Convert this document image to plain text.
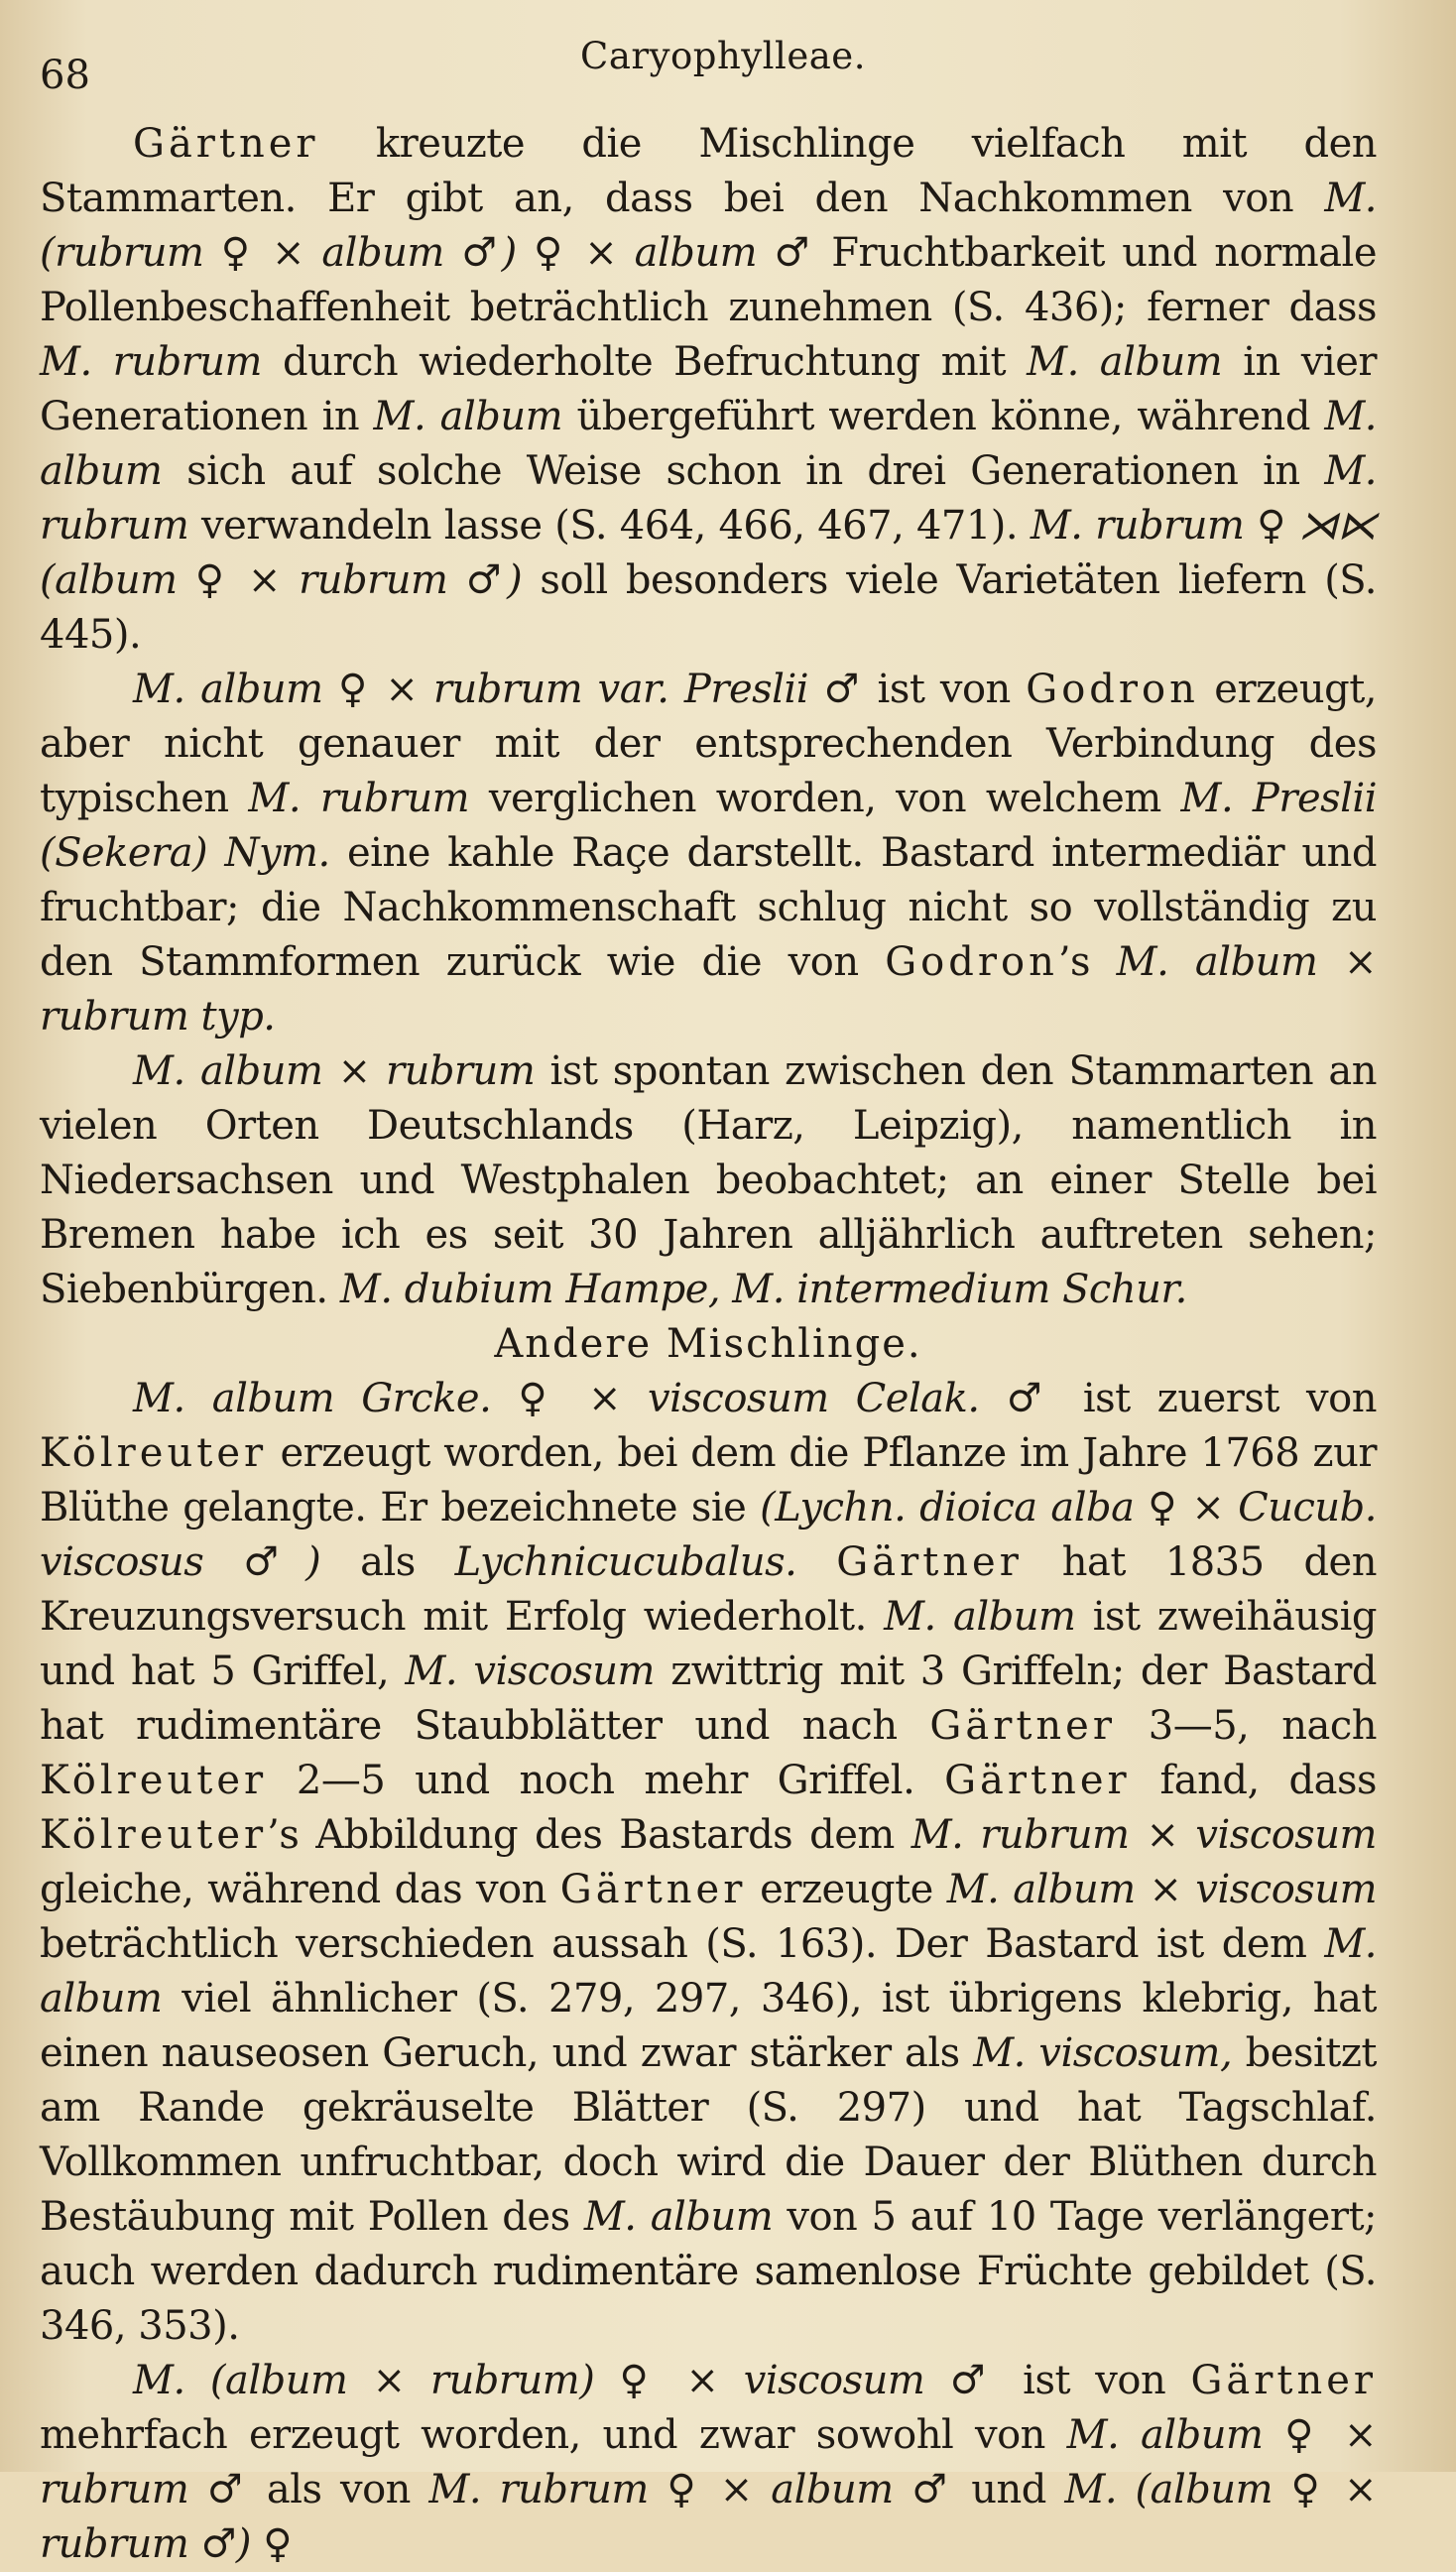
68	Caryophylleae.

Gärtner kreuzte die Mischlinge vielfach mit den Stammarten. Er gibt an, dass bei den Nachkommen von M. (rubrum ♀ × album ♂) ♀ × album ♂ Fruchtbarkeit und normale Pollenbeschaffenheit beträchtlich zunehmen (S. 436); ferner dass M. rubrum durch wiederholte Befruchtung mit M. album in vier Generationen in M. album übergeführt werden könne, während M. album sich auf solche Weise schon in drei Generationen in M. rubrum verwandeln lasse (S. 464, 466, 467, 471). M. rubrum ♀ ⋊⋉ (album ♀ × rubrum ♂) soll besonders viele Varietäten liefern (S. 445).

M. album ♀ × rubrum var. Preslii ♂ ist von Godron erzeugt, aber nicht genauer mit der entsprechenden Verbindung des typischen M. rubrum verglichen worden, von welchem M. Preslii (Sekera) Nym. eine kahle Raçe darstellt. Bastard intermediär und fruchtbar; die Nachkommenschaft schlug nicht so vollständig zu den Stammformen zurück wie die von Godron’s M. album × rubrum typ.

M. album × rubrum ist spontan zwischen den Stammarten an vielen Orten Deutschlands (Harz, Leipzig), namentlich in Niedersachsen und Westphalen beobachtet; an einer Stelle bei Bremen habe ich es seit 30 Jahren alljährlich auftreten sehen; Siebenbürgen. M. dubium Hampe, M. intermedium Schur.

Andere Mischlinge.

M. album Grcke. ♀ × viscosum Celak. ♂ ist zuerst von Kölreuter erzeugt worden, bei dem die Pflanze im Jahre 1768 zur Blüthe gelangte. Er bezeichnete sie (Lychn. dioica alba ♀ × Cucub. viscosus ♂) als Lychnicucubalus. Gärtner hat 1835 den Kreuzungsversuch mit Erfolg wiederholt. M. album ist zweihäusig und hat 5 Griffel, M. viscosum zwittrig mit 3 Griffeln; der Bastard hat rudimentäre Staubblätter und nach Gärtner 3—5, nach Kölreuter 2—5 und noch mehr Griffel. Gärtner fand, dass Kölreuter’s Abbildung des Bastards dem M. rubrum × viscosum gleiche, während das von Gärtner erzeugte M. album × viscosum beträchtlich verschieden aussah (S. 163). Der Bastard ist dem M. album viel ähnlicher (S. 279, 297, 346), ist übrigens klebrig, hat einen nauseosen Geruch, und zwar stärker als M. viscosum, besitzt am Rande gekräuselte Blätter (S. 297) und hat Tagschlaf. Vollkommen unfruchtbar, doch wird die Dauer der Blüthen durch Bestäubung mit Pollen des M. album von 5 auf 10 Tage verlängert; auch werden dadurch rudimentäre samenlose Früchte gebildet (S. 346, 353).

M. (album × rubrum) ♀ × viscosum ♂ ist von Gärtner mehrfach erzeugt worden, und zwar sowohl von M. album ♀ × rubrum ♂ als von M. rubrum ♀ × album ♂ und M. (album ♀ × rubrum ♂) ♀
